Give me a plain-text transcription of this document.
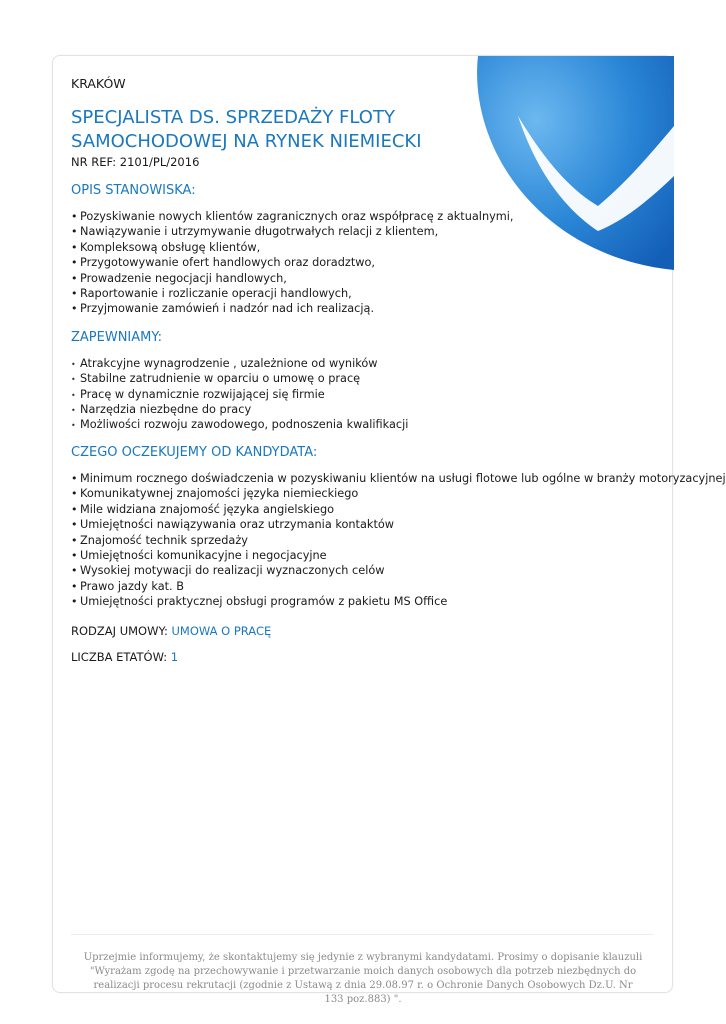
KRAKÓW

SPECJALISTA DS. SPRZEDAŻY FLOTY SAMOCHODOWEJ NA RYNEK NIEMIECKI

NR REF: 2101/PL/2016

OPIS STANOWISKA:
• Pozyskiwanie nowych klientów zagranicznych oraz współpracę z aktualnymi,
• Nawiązywanie i utrzymywanie długotrwałych relacji z klientem,
• Kompleksową obsługę klientów,
• Przygotowywanie ofert handlowych oraz doradztwo,
• Prowadzenie negocjacji handlowych,
• Raportowanie i rozliczanie operacji handlowych,
• Przyjmowanie zamówień i nadzór nad ich realizacją.
ZAPEWNIAMY:
• Atrakcyjne wynagrodzenie , uzależnione od wyników
• Stabilne zatrudnienie w oparciu o umowę o pracę
• Pracę w dynamicznie rozwijającej się firmie
• Narzędzia niezbędne do pracy
• Możliwości rozwoju zawodowego, podnoszenia kwalifikacji
CZEGO OCZEKUJEMY OD KANDYDATA:
• Minimum rocznego doświadczenia w pozyskiwaniu klientów na usługi flotowe lub ogólne w branży motoryzacyjnej
• Komunikatywnej znajomości języka niemieckiego
• Mile widziana znajomość języka angielskiego
• Umiejętności nawiązywania oraz utrzymania kontaktów
• Znajomość technik sprzedaży
• Umiejętności komunikacyjne i negocjacyjne
• Wysokiej motywacji do realizacji wyznaczonych celów
• Prawo jazdy kat. B
• Umiejętności praktycznej obsługi programów z pakietu MS Office

RODZAJ UMOWY: UMOWA O PRACĘ

LICZBA ETATÓW: 1

Uprzejmie informujemy, że skontaktujemy się jedynie z wybranymi kandydatami. Prosimy o dopisanie klauzuli "Wyrażam zgodę na przechowywanie i przetwarzanie moich danych osobowych dla potrzeb niezbędnych do realizacji procesu rekrutacji (zgodnie z Ustawą z dnia 29.08.97 r. o Ochronie Danych Osobowych Dz.U. Nr 133 poz.883) ".
